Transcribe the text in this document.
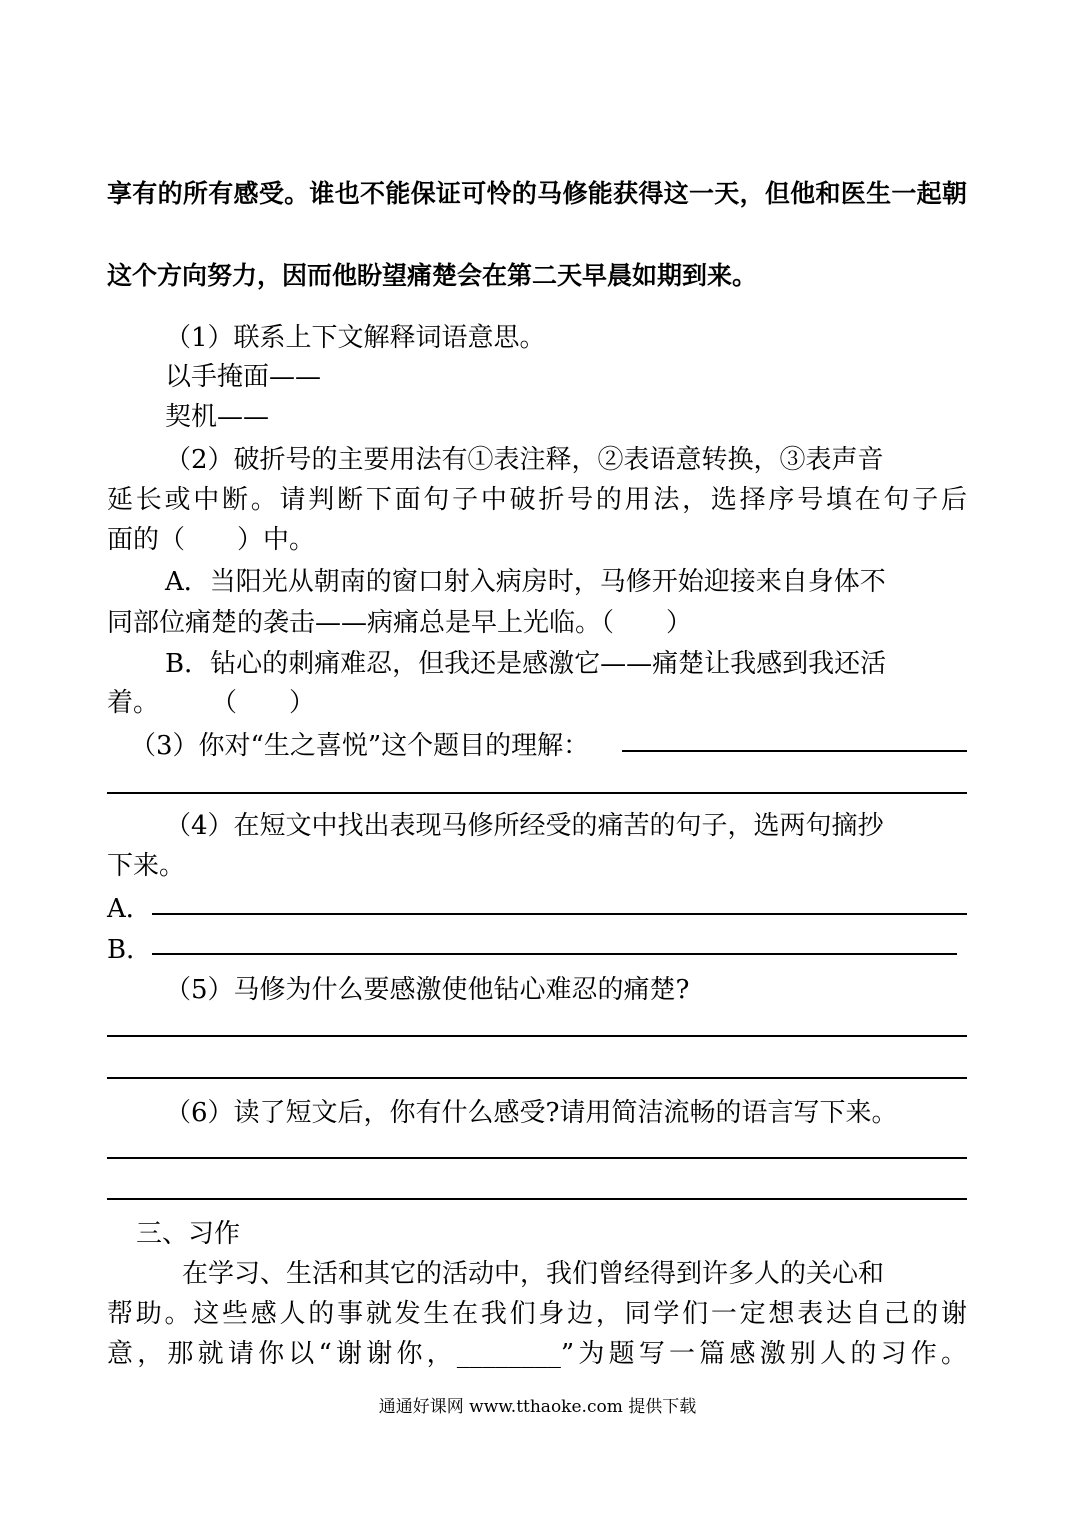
享有的所有感受。谁也不能保证可怜的马修能获得这一天，但他和医生一起朝
这个方向努力，因而他盼望痛楚会在第二天早晨如期到来。
（1）联系上下文解释词语意思。
以手掩面——
契机——
（2）破折号的主要用法有①表注释，②表语意转换，③表声音
延长或中断。请判断下面句子中破折号的用法，选择序号填在句子后
面的（　　）中。
A．当阳光从朝南的窗口射入病房时，马修开始迎接来自身体不
同部位痛楚的袭击——病痛总是早上光临。（　　）
B．钻心的刺痛难忍，但我还是感激它——痛楚让我感到我还活
着。　　　（　　）
（3）你对“生之喜悦”这个题目的理解：
（4）在短文中找出表现马修所经受的痛苦的句子，选两句摘抄
下来。
A．
B．
（5）马修为什么要感激使他钻心难忍的痛楚?
（6）读了短文后，你有什么感受?请用简洁流畅的语言写下来。
三、习作
在学习、生活和其它的活动中，我们曾经得到许多人的关心和
帮助。这些感人的事就发生在我们身边，同学们一定想表达自己的谢
意，那就请你以“谢谢你，________”为题写一篇感激别人的习作。
通通好课网 www.tthaoke.com 提供下载
